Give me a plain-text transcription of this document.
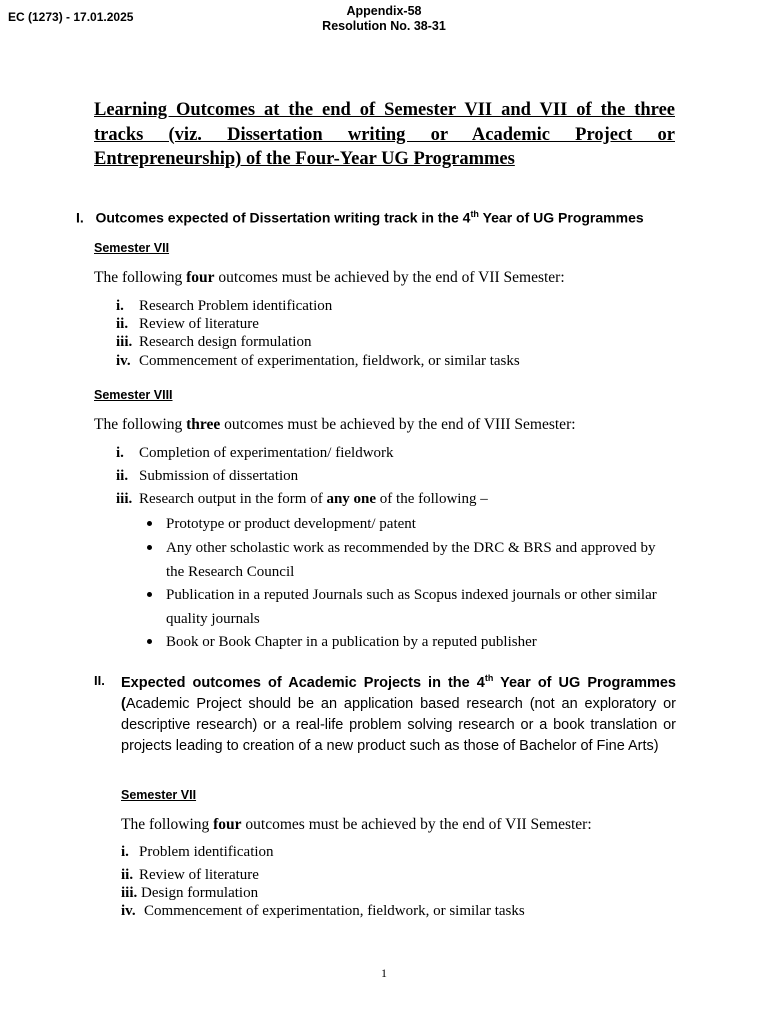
EC (1273) - 17.01.2025	Appendix-58
Resolution No. 38-31
Learning Outcomes at the end of Semester VII and VII of the three tracks (viz. Dissertation writing or Academic Project or Entrepreneurship) of the Four-Year UG Programmes
I. Outcomes expected of Dissertation writing track in the 4th Year of UG Programmes
Semester VII
The following four outcomes must be achieved by the end of VII Semester:
i. Research Problem identification
ii. Review of literature
iii. Research design formulation
iv. Commencement of experimentation, fieldwork, or similar tasks
Semester VIII
The following three outcomes must be achieved by the end of VIII Semester:
i. Completion of experimentation/ fieldwork
ii. Submission of dissertation
iii. Research output in the form of any one of the following –
Prototype or product development/ patent
Any other scholastic work as recommended by the DRC & BRS and approved by the Research Council
Publication in a reputed Journals such as Scopus indexed journals or other similar quality journals
Book or Book Chapter in a publication by a reputed publisher
II. Expected outcomes of Academic Projects in the 4th Year of UG Programmes (Academic Project should be an application based research (not an exploratory or descriptive research) or a real-life problem solving research or a book translation or projects leading to creation of a new product such as those of Bachelor of Fine Arts)
Semester VII
The following four outcomes must be achieved by the end of VII Semester:
i. Problem identification
ii. Review of literature
iii. Design formulation
iv. Commencement of experimentation, fieldwork, or similar tasks
1
